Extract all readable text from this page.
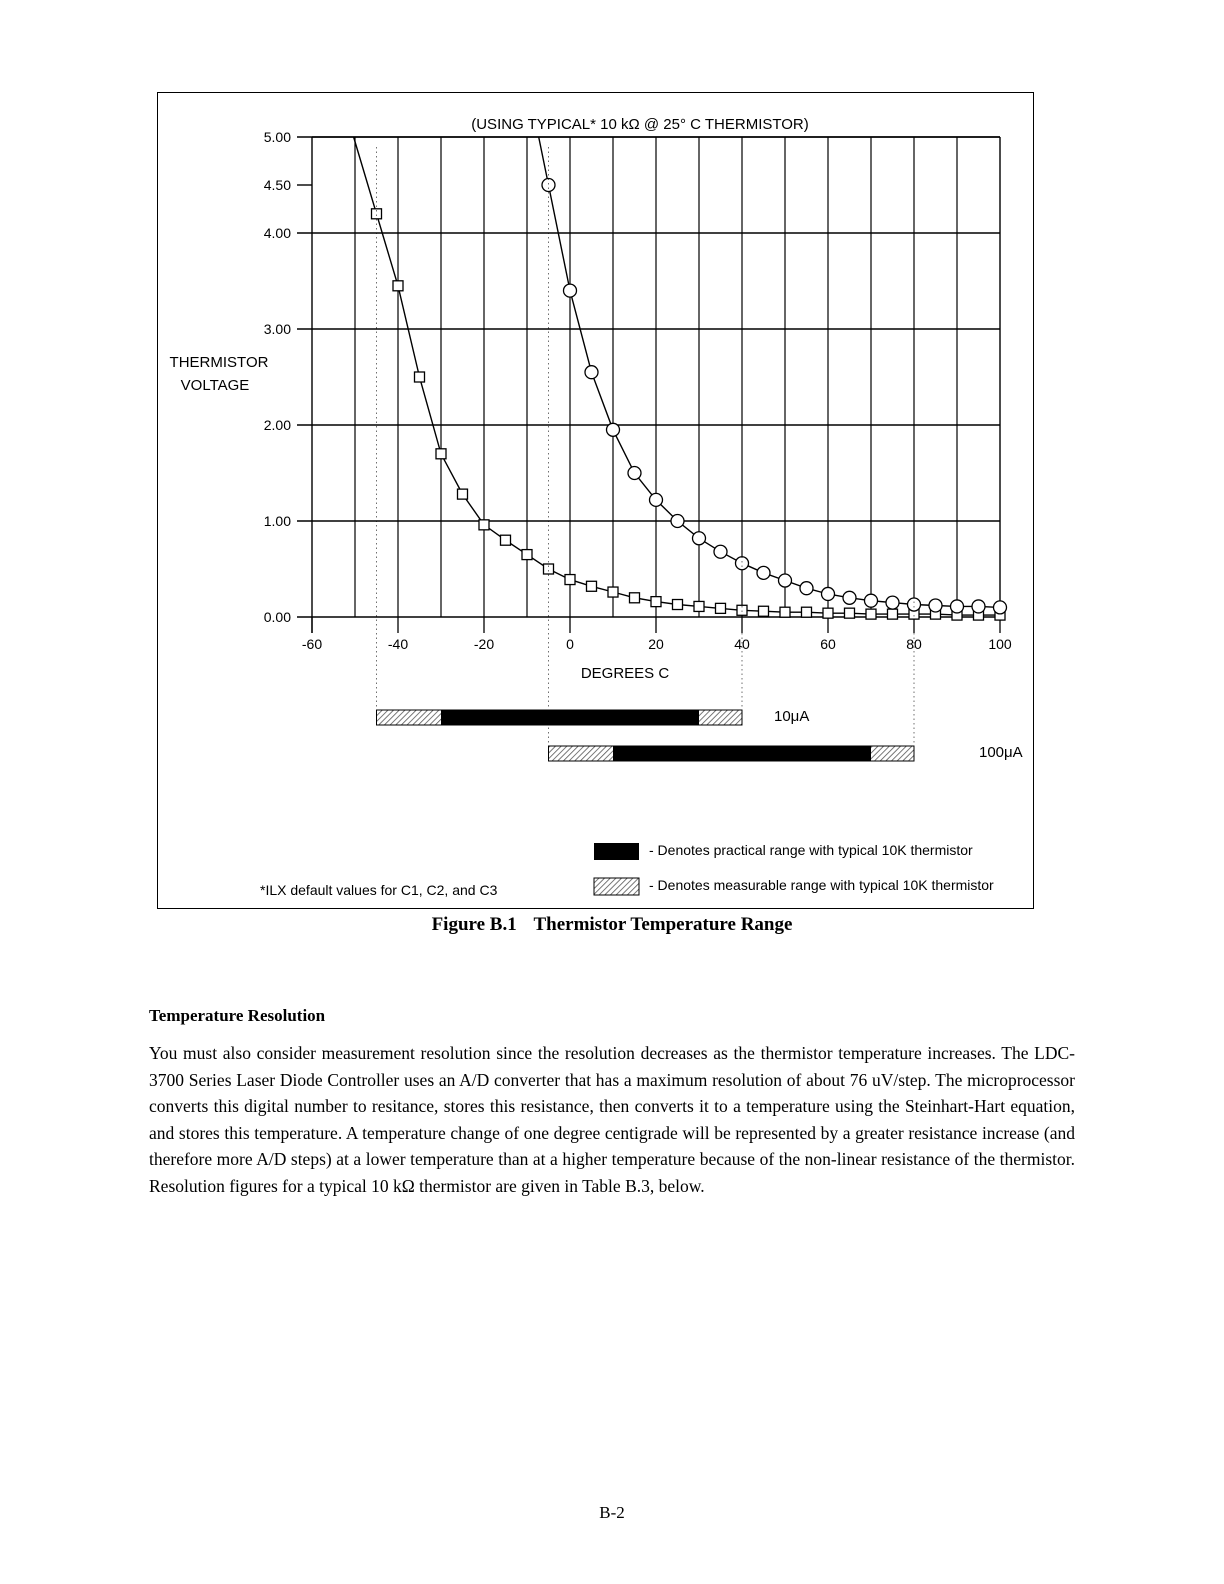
(USING TYPICAL* 10 kΩ @ 25° C THERMISTOR)
0.00
1.00
2.00
3.00
4.00
4.50
5.00
-60	-40	-20	0	20	40	60	80	100
THERMISTOR
VOLTAGE
DEGREES C
10μA
100μA
- Denotes practical range with typical 10K thermistor
- Denotes measurable range with typical 10K thermistor
*ILX default values for C1, C2, and C3
Figure B.1 Thermistor Temperature Range
Temperature Resolution
You must also consider measurement resolution since the resolution decreases as the thermistor temperature increases. The LDC-3700 Series Laser Diode Controller uses an A/D converter that has a maximum resolution of about 76 uV/step. The microprocessor converts this digital number to resitance, stores this resistance, then converts it to a temperature using the Steinhart-Hart equation, and stores this temperature. A temperature change of one degree centigrade will be represented by a greater resistance increase (and therefore more A/D steps) at a lower temperature than at a higher temperature because of the non-linear resistance of the thermistor. Resolution figures for a typical 10 kΩ thermistor are given in Table B.3, below.
B-2
